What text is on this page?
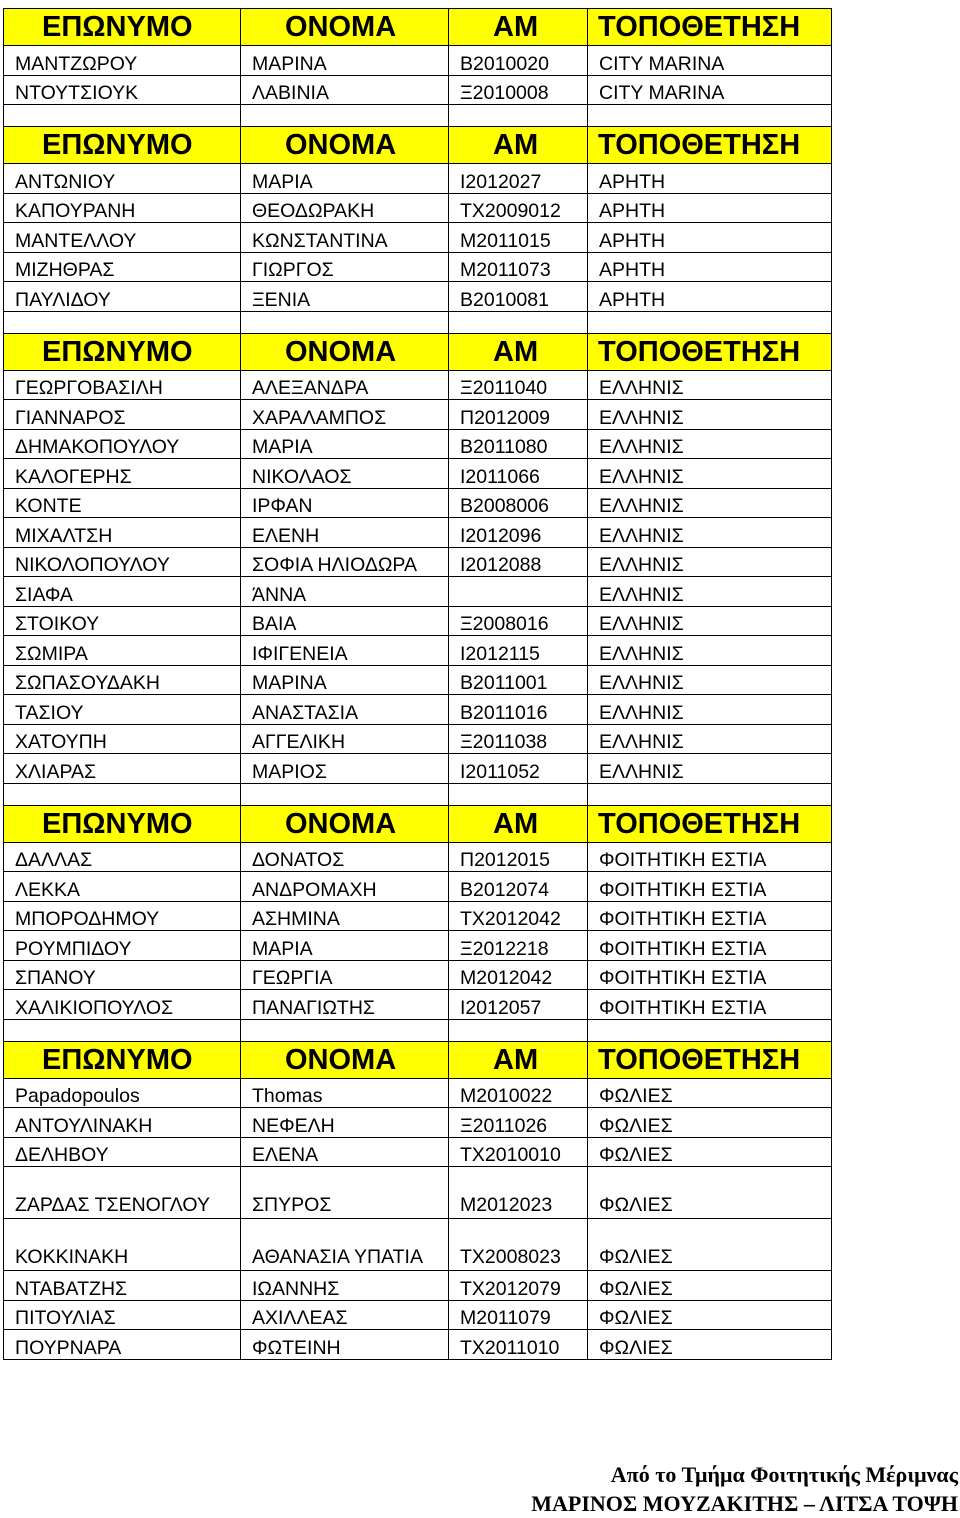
ΕΠΩΝΥΜΟ	ΟΝΟΜΑ	ΑΜ	ΤΟΠΟΘΕΤΗΣΗ
ΜΑΝΤΖΩΡΟΥ	ΜΑΡΙΝΑ	Β2010020	CITY MARINA
ΝΤΟΥΤΣΙΟΥΚ	ΛΑΒΙΝΙΑ	Ξ2010008	CITY MARINA

ΕΠΩΝΥΜΟ	ΟΝΟΜΑ	ΑΜ	ΤΟΠΟΘΕΤΗΣΗ
ΑΝΤΩΝΙΟΥ	ΜΑΡΙΑ	Ι2012027	ΑΡΗΤΗ
ΚΑΠΟΥΡΑΝΗ	ΘΕΟΔΩΡΑΚΗ	ΤΧ2009012	ΑΡΗΤΗ
ΜΑΝΤΕΛΛΟΥ	ΚΩΝΣΤΑΝΤΙΝΑ	Μ2011015	ΑΡΗΤΗ
ΜΙΖΗΘΡΑΣ	ΓΙΩΡΓΟΣ	Μ2011073	ΑΡΗΤΗ
ΠΑΥΛΙΔΟΥ	ΞΕΝΙΑ	Β2010081	ΑΡΗΤΗ

ΕΠΩΝΥΜΟ	ΟΝΟΜΑ	ΑΜ	ΤΟΠΟΘΕΤΗΣΗ
ΓΕΩΡΓΟΒΑΣΙΛΗ	ΑΛΕΞΑΝΔΡΑ	Ξ2011040	ΕΛΛΗΝΙΣ
ΓΙΑΝΝΑΡΟΣ	ΧΑΡΑΛΑΜΠΟΣ	Π2012009	ΕΛΛΗΝΙΣ
ΔΗΜΑΚΟΠΟΥΛΟΥ	ΜΑΡΙΑ	Β2011080	ΕΛΛΗΝΙΣ
ΚΑΛΟΓΕΡΗΣ	ΝΙΚΟΛΑΟΣ	Ι2011066	ΕΛΛΗΝΙΣ
ΚΟΝΤΕ	ΙΡΦΑΝ	Β2008006	ΕΛΛΗΝΙΣ
ΜΙΧΑΛΤΣΗ	ΕΛΕΝΗ	Ι2012096	ΕΛΛΗΝΙΣ
ΝΙΚΟΛΟΠΟΥΛΟΥ	ΣΟΦΙΑ ΗΛΙΟΔΩΡΑ	Ι2012088	ΕΛΛΗΝΙΣ
ΣΙΑΦΑ	ΆΝΝΑ		ΕΛΛΗΝΙΣ
ΣΤΟΙΚΟΥ	ΒΑΙΑ	Ξ2008016	ΕΛΛΗΝΙΣ
ΣΩΜΙΡΑ	ΙΦΙΓΕΝΕΙΑ	Ι2012115	ΕΛΛΗΝΙΣ
ΣΩΠΑΣΟΥΔΑΚΗ	ΜΑΡΙΝΑ	Β2011001	ΕΛΛΗΝΙΣ
ΤΑΣΙΟΥ	ΑΝΑΣΤΑΣΙΑ	Β2011016	ΕΛΛΗΝΙΣ
ΧΑΤΟΥΠΗ	ΑΓΓΕΛΙΚΗ	Ξ2011038	ΕΛΛΗΝΙΣ
ΧΛΙΑΡΑΣ	ΜΑΡΙΟΣ	Ι2011052	ΕΛΛΗΝΙΣ

ΕΠΩΝΥΜΟ	ΟΝΟΜΑ	ΑΜ	ΤΟΠΟΘΕΤΗΣΗ
ΔΑΛΛΑΣ	ΔΟΝΑΤΟΣ	Π2012015	ΦΟΙΤΗΤΙΚΗ ΕΣΤΙΑ
ΛΕΚΚΑ	ΑΝΔΡΟΜΑΧΗ	Β2012074	ΦΟΙΤΗΤΙΚΗ ΕΣΤΙΑ
ΜΠΟΡΟΔΗΜΟΥ	ΑΣΗΜΙΝΑ	ΤΧ2012042	ΦΟΙΤΗΤΙΚΗ ΕΣΤΙΑ
ΡΟΥΜΠΙΔΟΥ	ΜΑΡΙΑ	Ξ2012218	ΦΟΙΤΗΤΙΚΗ ΕΣΤΙΑ
ΣΠΑΝΟΥ	ΓΕΩΡΓΙΑ	Μ2012042	ΦΟΙΤΗΤΙΚΗ ΕΣΤΙΑ
ΧΑΛΙΚΙΟΠΟΥΛΟΣ	ΠΑΝΑΓΙΩΤΗΣ	Ι2012057	ΦΟΙΤΗΤΙΚΗ ΕΣΤΙΑ

ΕΠΩΝΥΜΟ	ΟΝΟΜΑ	ΑΜ	ΤΟΠΟΘΕΤΗΣΗ
Papadopoulos	Thomas	Μ2010022	ΦΩΛΙΕΣ
ΑΝΤΟΥΛΙΝΑΚΗ	ΝΕΦΕΛΗ	Ξ2011026	ΦΩΛΙΕΣ
ΔΕΛΗΒΟΥ	ΕΛΕΝΑ	ΤΧ2010010	ΦΩΛΙΕΣ
ΖΑΡΔΑΣ ΤΣΕΝΟΓΛΟΥ	ΣΠΥΡΟΣ	Μ2012023	ΦΩΛΙΕΣ
ΚΟΚΚΙΝΑΚΗ	ΑΘΑΝΑΣΙΑ ΥΠΑΤΙΑ	ΤΧ2008023	ΦΩΛΙΕΣ
ΝΤΑΒΑΤΖΗΣ	ΙΩΑΝΝΗΣ	ΤΧ2012079	ΦΩΛΙΕΣ
ΠΙΤΟΥΛΙΑΣ	ΑΧΙΛΛΕΑΣ	Μ2011079	ΦΩΛΙΕΣ
ΠΟΥΡΝΑΡΑ	ΦΩΤΕΙΝΗ	ΤΧ2011010	ΦΩΛΙΕΣ
Από το Τμήμα Φοιτητικής Μέριμνας
ΜΑΡΙΝΟΣ ΜΟΥΖΑΚΙΤΗΣ – ΛΙΤΣΑ ΤΟΨΗ
